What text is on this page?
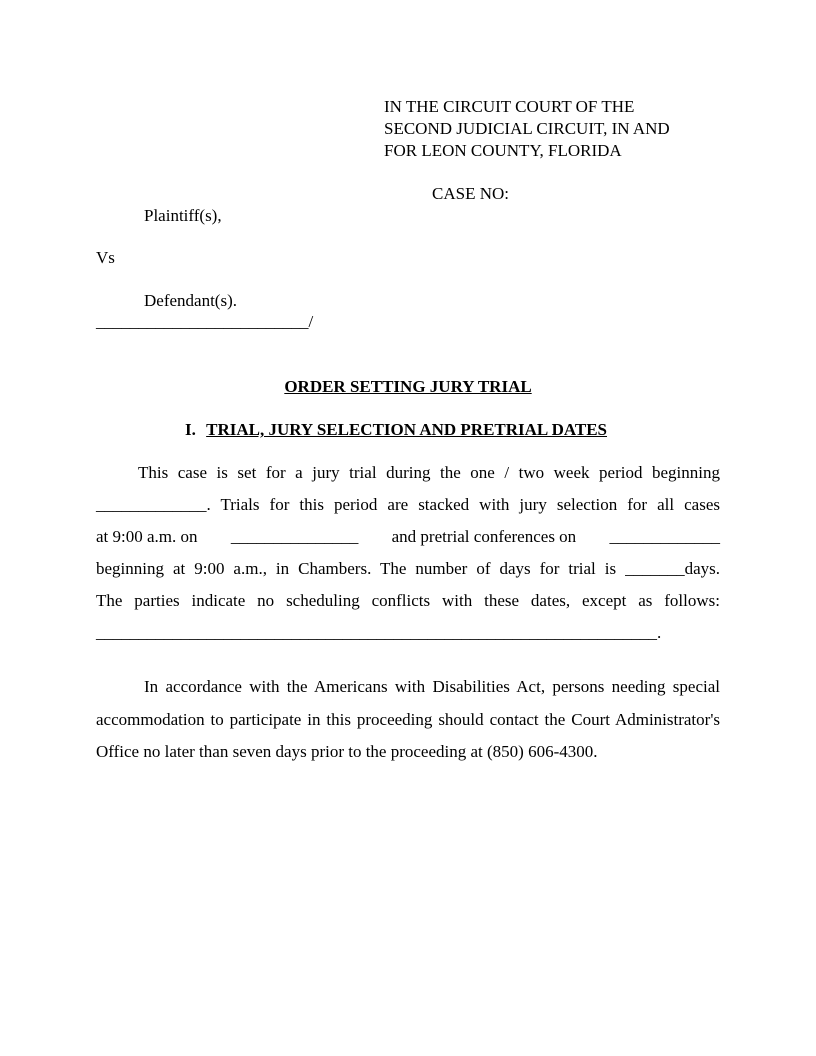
IN THE CIRCUIT COURT OF THE
SECOND JUDICIAL CIRCUIT, IN AND
FOR LEON COUNTY, FLORIDA
CASE NO:
Plaintiff(s),
Vs
Defendant(s).
_________________________/
ORDER SETTING JURY TRIAL
I. TRIAL, JURY SELECTION AND PRETRIAL DATES
This case is set for a jury trial during the one / two week period beginning
_____________. Trials for this period are stacked with jury selection for all cases
at 9:00 a.m. on _______________ and pretrial conferences on _____________
beginning at 9:00 a.m., in Chambers. The number of days for trial is _______days.
The parties indicate no scheduling conflicts with these dates, except as follows:
__________________________________________________________________.
In accordance with the Americans with Disabilities Act, persons needing special accommodation to participate in this proceeding should contact the Court Administrator's Office no later than seven days prior to the proceeding at (850) 606-4300.
